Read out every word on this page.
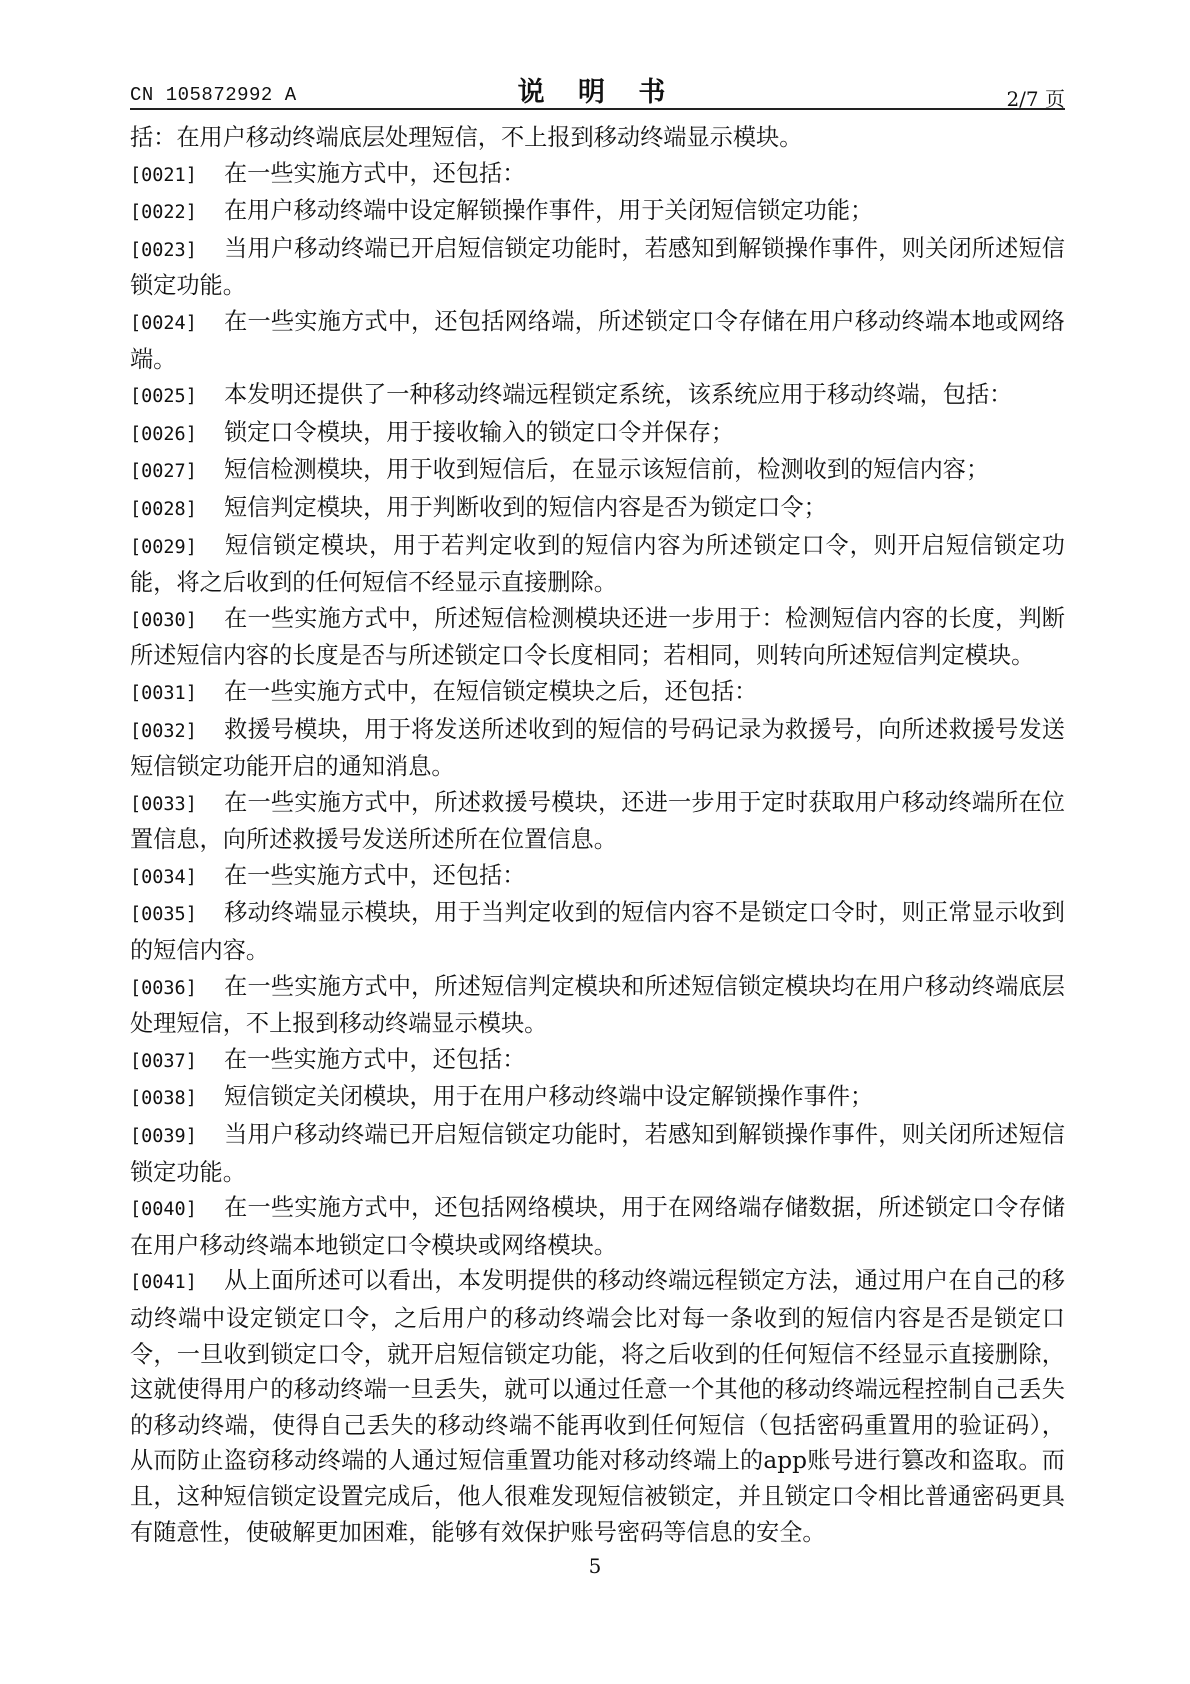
CN 105872992 A	说 明 书	2/7 页

括：在用户移动终端底层处理短信，不上报到移动终端显示模块。

[0021] 在一些实施方式中，还包括：

[0022] 在用户移动终端中设定解锁操作事件，用于关闭短信锁定功能；

[0023] 当用户移动终端已开启短信锁定功能时，若感知到解锁操作事件，则关闭所述短信锁定功能。

[0024] 在一些实施方式中，还包括网络端，所述锁定口令存储在用户移动终端本地或网络端。

[0025] 本发明还提供了一种移动终端远程锁定系统，该系统应用于移动终端，包括：

[0026] 锁定口令模块，用于接收输入的锁定口令并保存；

[0027] 短信检测模块，用于收到短信后，在显示该短信前，检测收到的短信内容；

[0028] 短信判定模块，用于判断收到的短信内容是否为锁定口令；

[0029] 短信锁定模块，用于若判定收到的短信内容为所述锁定口令，则开启短信锁定功能，将之后收到的任何短信不经显示直接删除。

[0030] 在一些实施方式中，所述短信检测模块还进一步用于：检测短信内容的长度，判断所述短信内容的长度是否与所述锁定口令长度相同；若相同，则转向所述短信判定模块。

[0031] 在一些实施方式中，在短信锁定模块之后，还包括：

[0032] 救援号模块，用于将发送所述收到的短信的号码记录为救援号，向所述救援号发送短信锁定功能开启的通知消息。

[0033] 在一些实施方式中，所述救援号模块，还进一步用于定时获取用户移动终端所在位置信息，向所述救援号发送所述所在位置信息。

[0034] 在一些实施方式中，还包括：

[0035] 移动终端显示模块，用于当判定收到的短信内容不是锁定口令时，则正常显示收到的短信内容。

[0036] 在一些实施方式中，所述短信判定模块和所述短信锁定模块均在用户移动终端底层处理短信，不上报到移动终端显示模块。

[0037] 在一些实施方式中，还包括：

[0038] 短信锁定关闭模块，用于在用户移动终端中设定解锁操作事件；

[0039] 当用户移动终端已开启短信锁定功能时，若感知到解锁操作事件，则关闭所述短信锁定功能。

[0040] 在一些实施方式中，还包括网络模块，用于在网络端存储数据，所述锁定口令存储在用户移动终端本地锁定口令模块或网络模块。

[0041] 从上面所述可以看出，本发明提供的移动终端远程锁定方法，通过用户在自己的移动终端中设定锁定口令，之后用户的移动终端会比对每一条收到的短信内容是否是锁定口令，一旦收到锁定口令，就开启短信锁定功能，将之后收到的任何短信不经显示直接删除，这就使得用户的移动终端一旦丢失，就可以通过任意一个其他的移动终端远程控制自己丢失的移动终端，使得自己丢失的移动终端不能再收到任何短信（包括密码重置用的验证码），从而防止盗窃移动终端的人通过短信重置功能对移动终端上的app账号进行篡改和盗取。而且，这种短信锁定设置完成后，他人很难发现短信被锁定，并且锁定口令相比普通密码更具有随意性，使破解更加困难，能够有效保护账号密码等信息的安全。

5
